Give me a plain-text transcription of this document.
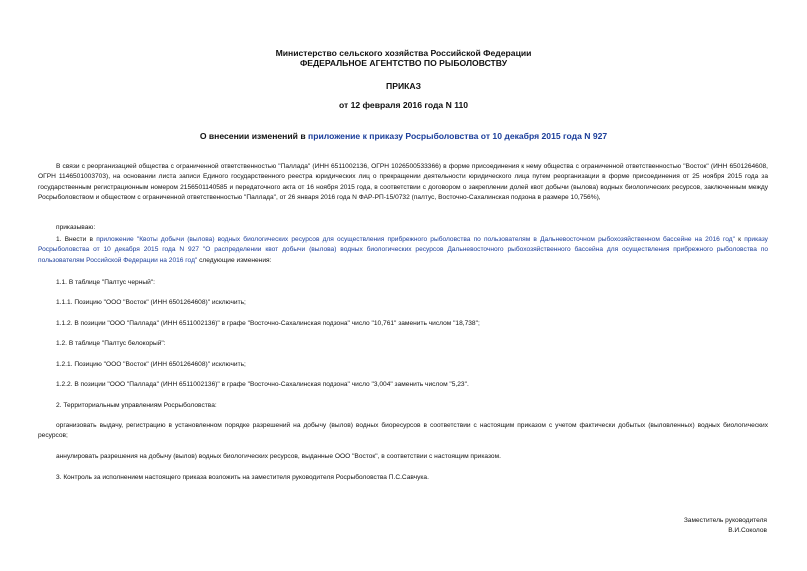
Министерство сельского хозяйства Российской Федерации
ФЕДЕРАЛЬНОЕ АГЕНТСТВО ПО РЫБОЛОВСТВУ
ПРИКАЗ
от 12 февраля 2016 года N 110
О внесении изменений в приложение к приказу Росрыболовства от 10 декабря 2015 года N 927
В связи с реорганизацией общества с ограниченной ответственностью "Паллада" (ИНН 6511002136, ОГРН 1026500533366) в форме присоединения к нему общества с ограниченной ответственностью "Восток" (ИНН 6501264608, ОГРН 1146501003703), на основании листа записи Единого государственного реестра юридических лиц о прекращении деятельности юридического лица путем реорганизации в форме присоединения от 25 ноября 2015 года за государственным регистрационным номером 2156501140585 и передаточного акта от 16 ноября 2015 года, в соответствии с договором о закреплении долей квот добычи (вылова) водных биологических ресурсов, заключенным между Росрыболовством и обществом с ограниченной ответственностью "Паллада", от 26 января 2016 года N ФАР-РП-15/0732 (палтус, Восточно-Сахалинская подзона в размере 10,756%),
приказываю:
1. Внести в приложение "Квоты добычи (вылова) водных биологических ресурсов для осуществления прибрежного рыболовства по пользователям в Дальневосточном рыбохозяйственном бассейне на 2016 год" к приказу Росрыболовства от 10 декабря 2015 года N 927 "О распределении квот добычи (вылова) водных биологических ресурсов Дальневосточного рыбохозяйственного бассейна для осуществления прибрежного рыболовства по пользователям Российской Федерации на 2016 год" следующие изменения:
1.1. В таблице "Палтус черный":
1.1.1. Позицию "ООО "Восток" (ИНН 6501264608)" исключить;
1.1.2. В позиции "ООО "Паллада" (ИНН 6511002136)" в графе "Восточно-Сахалинская подзона" число "10,761" заменить числом "18,738";
1.2. В таблице "Палтус белокорый":
1.2.1. Позицию "ООО "Восток" (ИНН 6501264608)" исключить;
1.2.2. В позиции "ООО "Паллада" (ИНН 6511002136)" в графе "Восточно-Сахалинская подзона" число "3,004" заменить числом "5,23".
2. Территориальным управлениям Росрыболовства:
организовать выдачу, регистрацию в установленном порядке разрешений на добычу (вылов) водных биоресурсов в соответствии с настоящим приказом с учетом фактически добытых (выловленных) водных биологических ресурсов;
аннулировать разрешения на добычу (вылов) водных биологических ресурсов, выданные ООО "Восток", в соответствии с настоящим приказом.
3. Контроль за исполнением настоящего приказа возложить на заместителя руководителя Росрыболовства П.С.Савчука.
Заместитель руководителя
В.И.Соколов
